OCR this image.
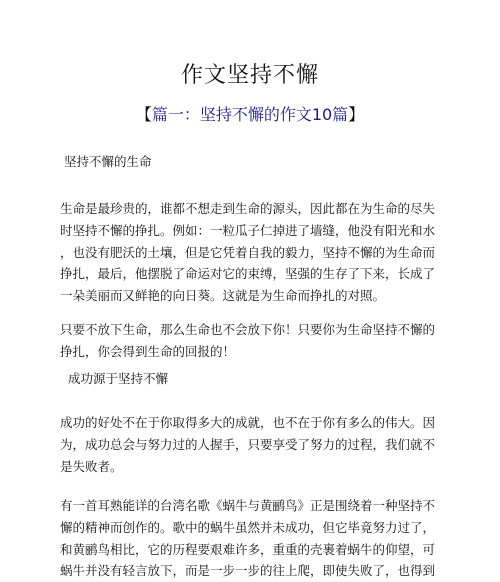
作文坚持不懈
【篇一：坚持不懈的作文10篇】

坚持不懈的生命

生命是最珍贵的，谁都不想走到生命的源头，因此都在为生命的尽失
时坚持不懈的挣扎。例如：一粒瓜子仁掉进了墙缝，他没有阳光和水
，也没有肥沃的土壤，但是它凭着自我的毅力，坚持不懈的为生命而
挣扎，最后，他摆脱了命运对它的束缚，坚强的生存了下来，长成了
一朵美丽而又鲜艳的向日葵。这就是为生命而挣扎的对照。
只要不放下生命，那么生命也不会放下你！只要你为生命坚持不懈的
挣扎，你会得到生命的回报的！

成功源于坚持不懈

成功的好处不在于你取得多大的成就，也不在于你有多么的伟大。因
为，成功总会与努力过的人握手，只要享受了努力的过程，我们就不
是失败者。
有一首耳熟能详的台湾名歌《蜗牛与黄鹂鸟》正是围绕着一种坚持不
懈的精神而创作的。歌中的蜗牛虽然并未成功，但它毕竟努力过了，
和黄鹂鸟相比，它的历程要艰难许多，重重的壳裹着蜗牛的仰望，可
蜗牛并没有轻言放下，而是一步一步的往上爬，即使失败了，也得到
